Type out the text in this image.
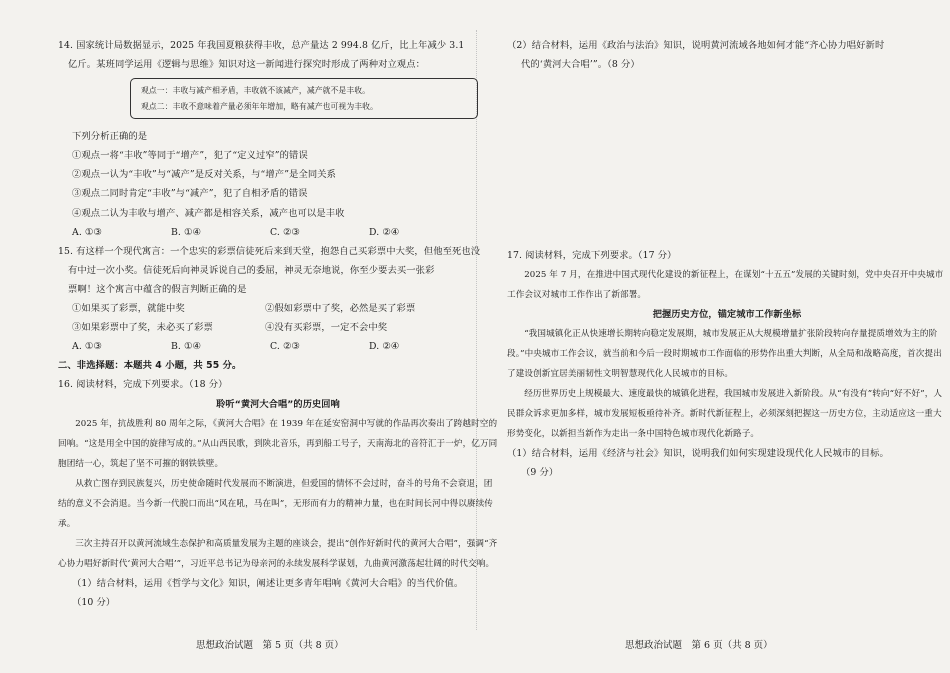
14. 国家统计局数据显示，2025 年我国夏粮获得丰收，总产量达 2 994.8 亿斤，比上年减少 3.1

亿斤。某班同学运用《逻辑与思维》知识对这一新闻进行探究时形成了两种对立观点：

观点一：丰收与减产相矛盾，丰收就不该减产，减产就不是丰收。

观点二：丰收不意味着产量必须年年增加，略有减产也可视为丰收。

下列分析正确的是

①观点一将“丰收”等同于“增产”，犯了“定义过窄”的错误

②观点一认为“丰收”与“减产”是反对关系，与“增产”是全同关系

③观点二同时肯定“丰收”与“减产”，犯了自相矛盾的错误

④观点二认为丰收与增产、减产都是相容关系，减产也可以是丰收

A. ①③	B. ①④	C. ②③	D. ②④

15. 有这样一个现代寓言：一个忠实的彩票信徒死后来到天堂，抱怨自己买彩票中大奖，但他至死也没

有中过一次小奖。信徒死后向神灵诉说自己的委屈，神灵无奈地说，你至少要去买一张彩

票啊！这个寓言中蕴含的假言判断正确的是

①如果买了彩票，就能中奖	②假如彩票中了奖，必然是买了彩票
③如果彩票中了奖，未必买了彩票	④没有买彩票，一定不会中奖
A. ①③	B. ①④	C. ②③	D. ②④

二、非选择题：本题共 4 小题，共 55 分。

16. 阅读材料，完成下列要求。（18 分）

聆听“黄河大合唱”的历史回响

2025 年，抗战胜利 80 周年之际，《黄河大合唱》在 1939 年在延安窑洞中写就的作品再次奏出了跨越时空的回响。“这是用全中国的旋律写成的。”从山西民歌，到陕北音乐，再到船工号子，天南海北的音符汇于一炉，亿万同胞团结一心，筑起了坚不可摧的钢铁铁壁。

从救亡图存到民族复兴，历史使命随时代发展而不断演进，但爱国的情怀不会过时，奋斗的号角不会衰退，团结的意义不会消退。当今新一代脱口而出“风在吼，马在叫”，无形而有力的精神力量，也在时间长河中得以赓续传承。

三次主持召开以黄河流域生态保护和高质量发展为主题的座谈会，提出“创作好新时代的黄河大合唱”，强调“齐心协力唱好新时代‘黄河大合唱’”，习近平总书记为母亲河的永续发展科学谋划，九曲黄河激荡起壮阔的时代交响。

（1）结合材料，运用《哲学与文化》知识，阐述让更多青年唱响《黄河大合唱》的当代价值。

（10 分）

（2）结合材料，运用《政治与法治》知识，说明黄河流域各地如何才能“齐心协力唱好新时

代的‘黄河大合唱’”。（8 分）

17. 阅读材料，完成下列要求。（17 分）

2025 年 7 月，在推进中国式现代化建设的新征程上，在谋划“十五五”发展的关键时刻，党中央召开中央城市工作会议对城市工作作出了新部署。

把握历史方位，锚定城市工作新坐标

“我国城镇化正从快速增长期转向稳定发展期，城市发展正从大规模增量扩张阶段转向存量提质增效为主的阶段。”中央城市工作会议，就当前和今后一段时期城市工作面临的形势作出重大判断，从全局和战略高度，首次提出了建设创新宜居美丽韧性文明智慧现代化人民城市的目标。

经历世界历史上规模最大、速度最快的城镇化进程，我国城市发展进入新阶段。从“有没有”转向“好不好”，人民群众诉求更加多样，城市发展短板亟待补齐。新时代新征程上，必须深刻把握这一历史方位，主动适应这一重大形势变化，以新担当新作为走出一条中国特色城市现代化新路子。

（1）结合材料，运用《经济与社会》知识，说明我们如何实现建设现代化人民城市的目标。

（9 分）

思想政治试题　第 5 页（共 8 页）	思想政治试题　第 6 页（共 8 页）
